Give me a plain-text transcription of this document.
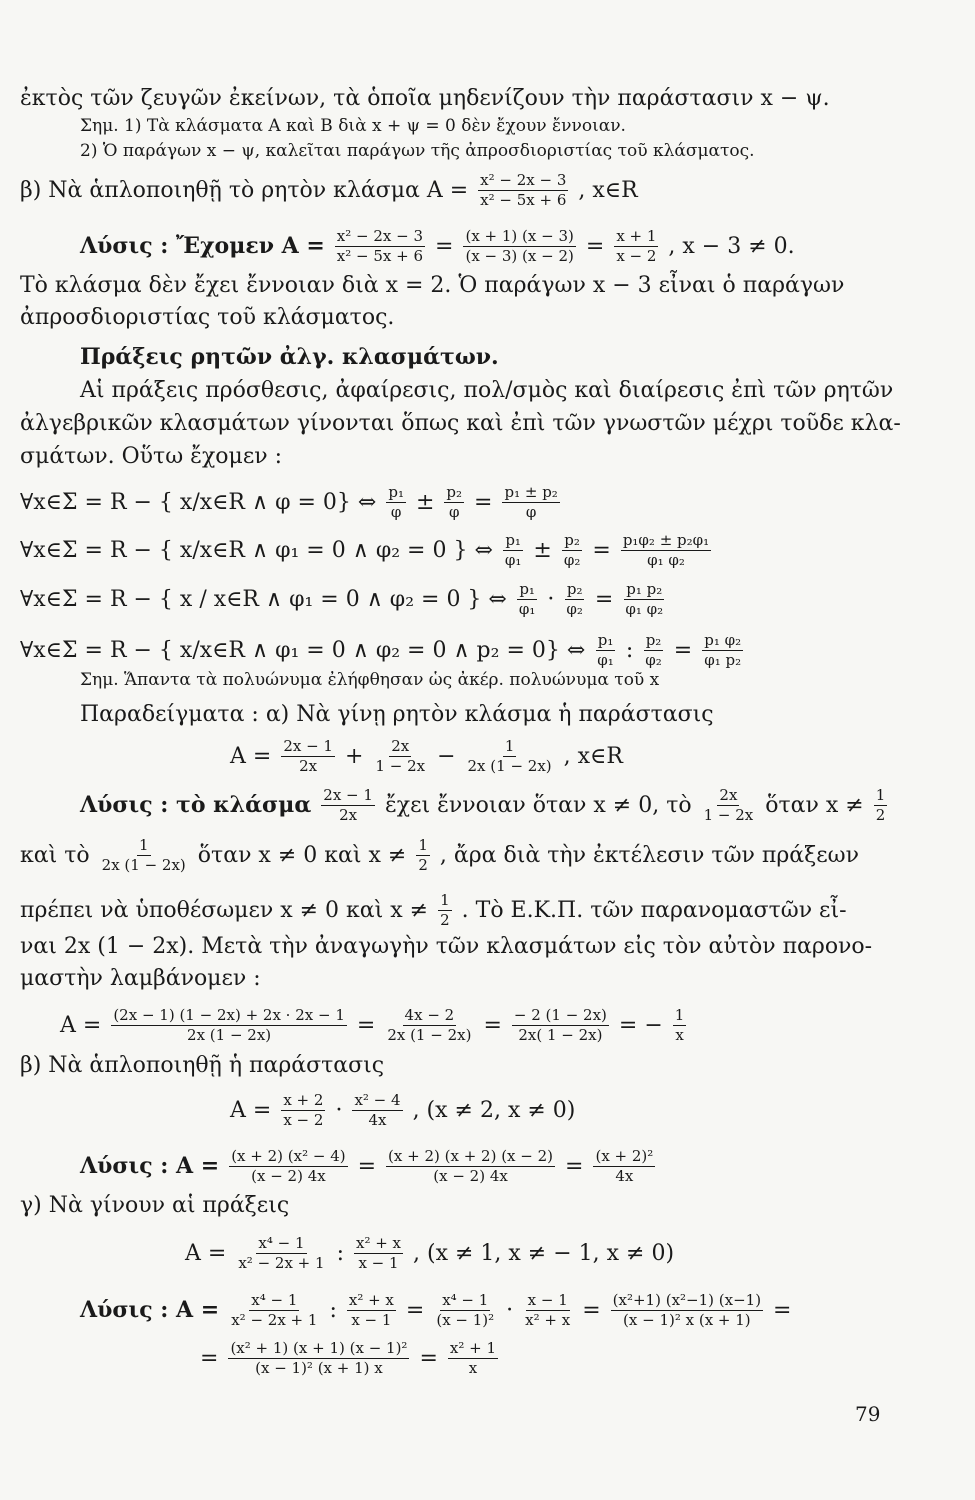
ἐκτὸς τῶν ζευγῶν ἐκείνων, τὰ ὁποῖα μηδενίζουν τὴν παράστασιν x − ψ.
Σημ. 1) Τὰ κλάσματα Α καὶ Β διὰ x + ψ = 0 δὲν ἔχουν ἔννοιαν.
2) Ὁ παράγων x − ψ, καλεῖται παράγων τῆς ἀπροσδιοριστίας τοῦ κλάσματος.
β) Νὰ ἁπλοποιηθῇ τὸ ρητὸν κλάσμα $A = \frac{\text{x² − 2x − 3}}{\text{x² − 5x + 6}}$ , x∈R
Λύσις : Ἔχομεν $A = \frac{\text{x² − 2x − 3}}{\text{x² − 5x + 6}} = \frac{(x + 1) (x - 3)}{(x - 3) (x - 2)} = \frac{x + 1}{x - 2}$ , x − 3 ≠ 0.
Τὸ κλάσμα δὲν ἔχει ἔννοιαν διὰ x = 2. Ὁ παράγων x − 3 εἶναι ὁ παράγων
ἀπροσδιοριστίας τοῦ κλάσματος.
Πράξεις ρητῶν ἀλγ. κλασμάτων.
Αἱ πράξεις πρόσθεσις, ἀφαίρεσις, πολ/σμὸς καὶ διαίρεσις ἐπὶ τῶν ρητῶν
ἀλγεβρικῶν κλασμάτων γίνονται ὅπως καὶ ἐπὶ τῶν γνωστῶν μέχρι τοῦδε κλα-
σμάτων. Οὕτω ἔχομεν :
∀x∈Σ = R − { x/x∈R ∧ φ = 0} ⇔ $\frac{\text{p₁}}{\varphi} \pm \frac{\text{p₂}}{\varphi} = \frac{\text{p₁ ± p₂}}{\varphi}$
∀x∈Σ = R − { x/x∈R ∧ φ₁ = 0 ∧ φ₂ = 0 } ⇔ $\frac{\text{p₁}}{\text{φ₁}} \pm \frac{\text{p₂}}{\text{φ₂}} = \frac{\text{p₁φ₂ ± p₂φ₁}}{\text{φ₁ φ₂}}$
∀x∈Σ = R − { x / x∈R ∧ φ₁ = 0 ∧ φ₂ = 0 } ⇔ $\frac{\text{p₁}}{\text{φ₁}} \cdot \frac{\text{p₂}}{\text{φ₂}} = \frac{\text{p₁ p₂}}{\text{φ₁ φ₂}}$
∀x∈Σ = R − { x/x∈R ∧ φ₁ = 0 ∧ φ₂ = 0 ∧ p₂ = 0} ⇔ $\frac{\text{p₁}}{\text{φ₁}}$ : $\frac{\text{p₂}}{\text{φ₂}} = \frac{\text{p₁ φ₂}}{\text{φ₁ p₂}}$
Σημ. Ἅπαντα τὰ πολυώνυμα ἐλήφθησαν ὡς ἀκέρ. πολυώνυμα τοῦ x
Παραδείγματα : α) Νὰ γίνῃ ρητὸν κλάσμα ἡ παράστασις
$A = \frac{2x - 1}{2x} + \frac{2x}{1 - 2x} - \frac{1}{2x (1 - 2x)}$ , x∈R
Λύσις : τὸ κλάσμα $\frac{2x - 1}{2x}$ ἔχει ἔννοιαν ὅταν x ≠ 0, τὸ $\frac{2x}{1 - 2x}$ ὅταν $x \ne \frac{1}{2}$
καὶ τὸ $\frac{1}{2x (1 - 2x)}$ ὅταν x ≠ 0 καὶ $x \ne \frac{1}{2}$ , ἄρα διὰ τὴν ἐκτέλεσιν τῶν πράξεων
πρέπει νὰ ὑποθέσωμεν x ≠ 0 καὶ $x \ne \frac{1}{2}$ . Τὸ Ε.Κ.Π. τῶν παρανομαστῶν εἶ-
ναι 2x (1 − 2x). Μετὰ τὴν ἀναγωγὴν τῶν κλασμάτων εἰς τὸν αὐτὸν παρονο-
μαστὴν λαμβάνομεν :
$A = \frac{(2x - 1) (1 - 2x) + 2x \cdot 2x - 1}{2x (1 - 2x)} = \frac{4x - 2}{2x (1 - 2x)} = \frac{- 2 (1 - 2x)}{2x( 1 - 2x)}$ = − $\frac{1}{x}$
β) Νὰ ἁπλοποιηθῇ ἡ παράστασις
$A = \frac{x + 2}{x - 2} \cdot \frac{\text{x² − 4}}{4x}$ , (x ≠ 2, x ≠ 0)
Λύσις : $A = \frac{\text{(x + 2) (x² − 4)}}{(x - 2) 4x} = \frac{(x + 2) (x + 2) (x - 2)}{(x - 2) 4x} = \frac{\text{(x + 2)²}}{4x}$
γ) Νὰ γίνουν αἱ πράξεις
$A = \frac{\text{x⁴ − 1}}{\text{x² − 2x + 1}}$ : $\frac{\text{x² + x}}{x - 1}$ , (x ≠ 1, x ≠ − 1, x ≠ 0)
Λύσις : $A = \frac{\text{x⁴ − 1}}{\text{x² − 2x + 1}}$ : $\frac{\text{x² + x}}{x - 1} = \frac{\text{x⁴ − 1}}{\text{(x − 1)²}} \cdot \frac{x - 1}{\text{x² + x}} = \frac{\text{(x²+1) (x²−1) (x−1)}}{\text{(x − 1)² x (x + 1)}}$ =
= $\frac{\text{(x² + 1) (x + 1) (x − 1)²}}{\text{(x − 1)² (x + 1) x}} = \frac{\text{x² + 1}}{x}$
79
